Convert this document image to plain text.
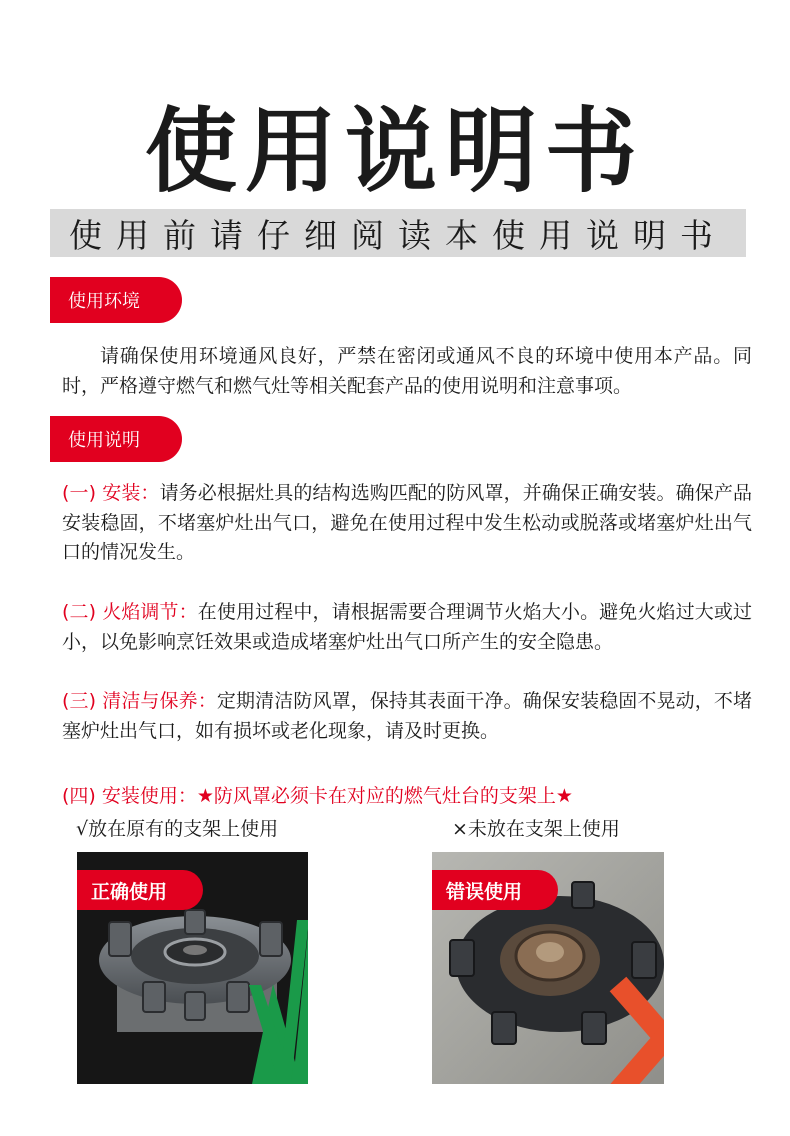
使用说明书
使用前请仔细阅读本使用说明书
使用环境
请确保使用环境通风良好，严禁在密闭或通风不良的环境中使用本产品。同时，严格遵守燃气和燃气灶等相关配套产品的使用说明和注意事项。
使用说明
(一) 安装：请务必根据灶具的结构选购匹配的防风罩，并确保正确安装。确保产品安装稳固，不堵塞炉灶出气口，避免在使用过程中发生松动或脱落或堵塞炉灶出气口的情况发生。
(二) 火焰调节：在使用过程中，请根据需要合理调节火焰大小。避免火焰过大或过小，以免影响烹饪效果或造成堵塞炉灶出气口所产生的安全隐患。
(三) 清洁与保养：定期清洁防风罩，保持其表面干净。确保安装稳固不晃动，不堵塞炉灶出气口，如有损坏或老化现象，请及时更换。
(四) 安装使用：★防风罩必须卡在对应的燃气灶台的支架上★
√放在原有的支架上使用	×未放在支架上使用
正确使用	错误使用
